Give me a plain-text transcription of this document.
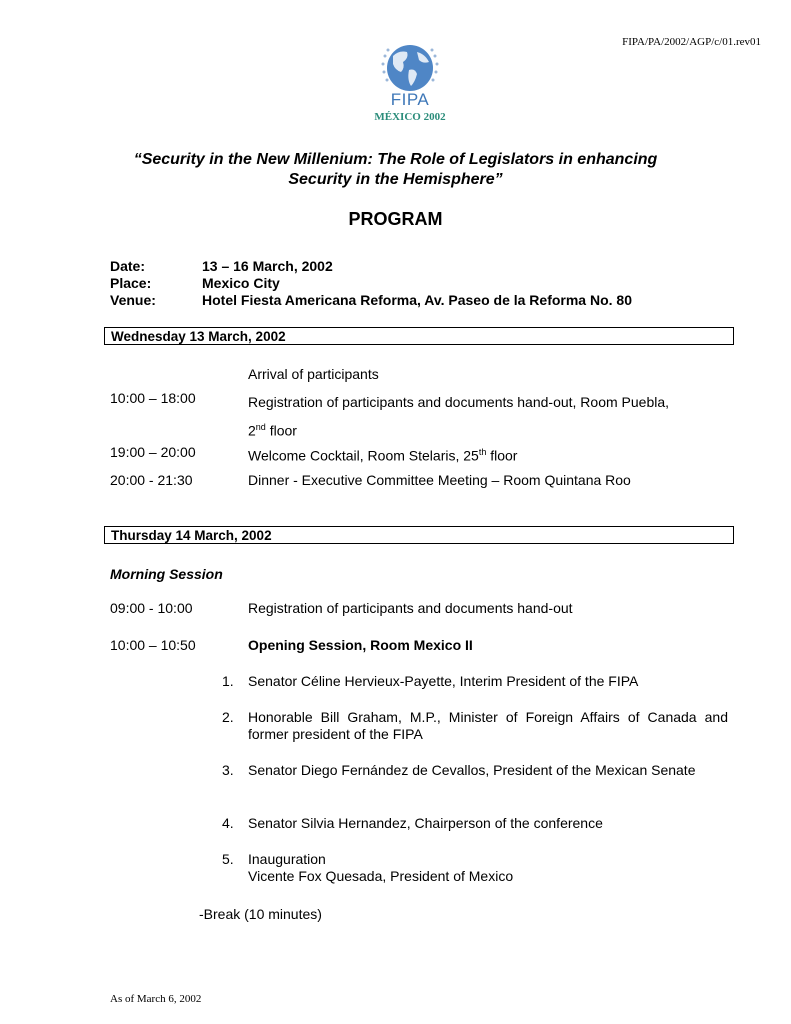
FIPA/PA/2002/AGP/c/01.rev01
FIPA
MÉXICO 2002
“Security in the New Millenium: The Role of Legislators in enhancing
Security in the Hemisphere”
PROGRAM
Date:	13 – 16 March, 2002
Place:	Mexico City
Venue:	Hotel Fiesta Americana Reforma, Av. Paseo de la Reforma No. 80
Wednesday 13 March, 2002
Arrival of participants
10:00 – 18:00	Registration of participants and documents hand-out, Room Puebla,
2nd floor
19:00 – 20:00	Welcome Cocktail, Room Stelaris, 25th floor
20:00 - 21:30	Dinner - Executive Committee Meeting – Room Quintana Roo
Thursday 14 March, 2002
Morning Session
09:00 - 10:00	Registration of participants and documents hand-out
10:00 – 10:50	Opening Session, Room Mexico II
1. Senator Céline Hervieux-Payette, Interim President of the FIPA
2. Honorable Bill Graham, M.P., Minister of Foreign Affairs of Canada and former president of the FIPA
3. Senator Diego Fernández de Cevallos, President of the Mexican Senate
4. Senator Silvia Hernandez, Chairperson of the conference
5. Inauguration
Vicente Fox Quesada, President of Mexico
-Break (10 minutes)
As of March 6, 2002
